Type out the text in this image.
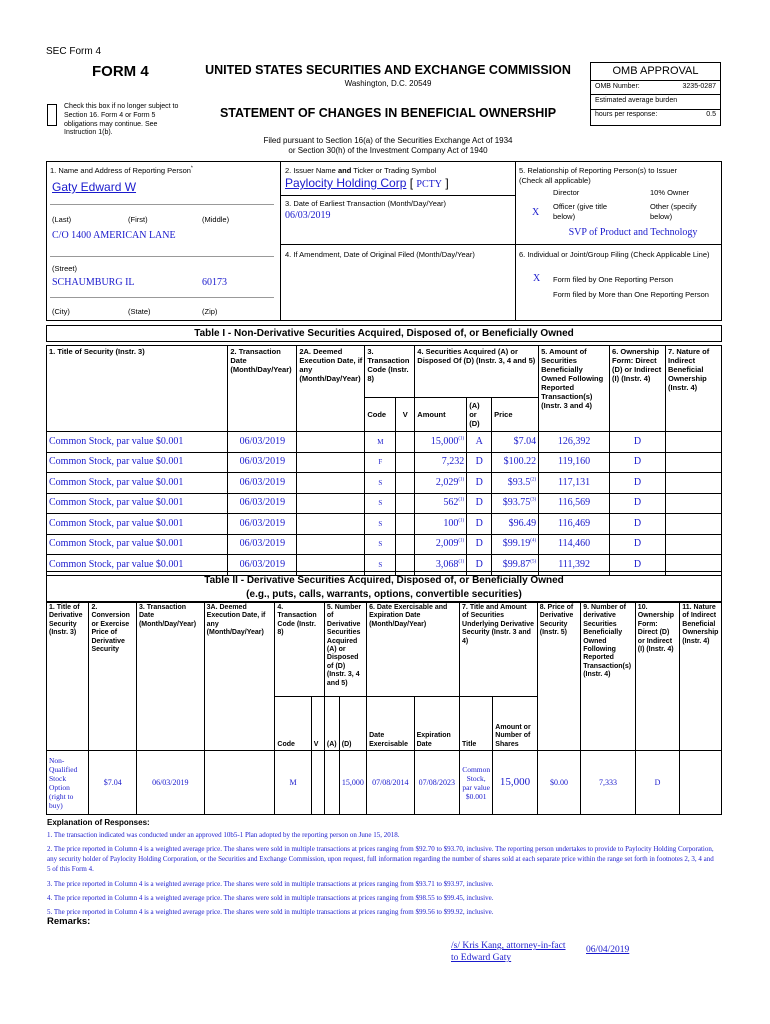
SEC Form 4
FORM 4	UNITED STATES SECURITIES AND EXCHANGE COMMISSION
Washington, D.C. 20549
STATEMENT OF CHANGES IN BENEFICIAL OWNERSHIP
Check this box if no longer subject to Section 16. Form 4 or Form 5 obligations may continue. See Instruction 1(b).
Filed pursuant to Section 16(a) of the Securities Exchange Act of 1934
or Section 30(h) of the Investment Company Act of 1940
OMB APPROVAL
OMB Number:	3235-0287
Estimated average burden
hours per response:	0.5
1. Name and Address of Reporting Person*
Gaty Edward W
(Last)	(First)	(Middle)
C/O 1400 AMERICAN LANE
(Street)
SCHAUMBURG IL	60173
(City)	(State)	(Zip)
2. Issuer Name and Ticker or Trading Symbol
Paylocity Holding Corp [ PCTY ]
3. Date of Earliest Transaction (Month/Day/Year)
06/03/2019
4. If Amendment, Date of Original Filed (Month/Day/Year)
5. Relationship of Reporting Person(s) to Issuer
(Check all applicable)
Director	10% Owner
X
Officer (give title below)
Other (specify below)
SVP of Product and Technology
6. Individual or Joint/Group Filing (Check Applicable Line)
X Form filed by One Reporting Person
Form filed by More than One Reporting Person
Table I - Non-Derivative Securities Acquired, Disposed of, or Beneficially Owned
1. Title of Security (Instr. 3)	2. Transaction Date (Month/Day/Year)	2A. Deemed Execution Date, if any (Month/Day/Year)	3. Transaction Code (Instr. 8)		4. Securities Acquired (A) or Disposed Of (D) (Instr. 3, 4 and 5)			5. Amount of Securities Beneficially Owned Following Reported Transaction(s) (Instr. 3 and 4)	6. Ownership Form: Direct (D) or Indirect (I) (Instr. 4)	7. Nature of Indirect Beneficial Ownership (Instr. 4)
			Code	V	Amount	(A) or (D)	Price			
Common Stock, par value $0.001	06/03/2019		M		15,000$^{(1)}$	A	$7.04	126,392	D	
Common Stock, par value $0.001	06/03/2019		F		7,232	D	$100.22	119,160	D	
Common Stock, par value $0.001	06/03/2019		S		2,029$^{(1)}$	D	$93.5$^{(2)}$	117,131	D	
Common Stock, par value $0.001	06/03/2019		S		562$^{(1)}$	D	$93.75$^{(3)}$	116,569	D	
Common Stock, par value $0.001	06/03/2019		S		100$^{(1)}$	D	$96.49	116,469	D	
Common Stock, par value $0.001	06/03/2019		S		2,009$^{(1)}$	D	$99.19$^{(4)}$	114,460	D	
Common Stock, par value $0.001	06/03/2019		S		3,068$^{(1)}$	D	$99.87$^{(5)}$	111,392	D	
Table II - Derivative Securities Acquired, Disposed of, or Beneficially Owned
(e.g., puts, calls, warrants, options, convertible securities)
1. Title of Derivative Security (Instr. 3)	2. Conversion or Exercise Price of Derivative Security	3. Transaction Date (Month/Day/Year)	3A. Deemed Execution Date, if any (Month/Day/Year)	4. Transaction Code (Instr. 8)		5. Number of Derivative Securities Acquired (A) or Disposed of (D) (Instr. 3, 4 and 5)		6. Date Exercisable and Expiration Date (Month/Day/Year)		7. Title and Amount of Securities Underlying Derivative Security (Instr. 3 and 4)		8. Price of Derivative Security (Instr. 5)	9. Number of derivative Securities Beneficially Owned Following Reported Transaction(s) (Instr. 4)	10. Ownership Form: Direct (D) or Indirect (I) (Instr. 4)	11. Nature of Indirect Beneficial Ownership (Instr. 4)
				Code	V	(A)	(D)	Date Exercisable	Expiration Date	Title	Amount or Number of Shares				
Non-Qualified Stock Option (right to buy)	$7.04	06/03/2019		M			15,000	07/08/2014	07/08/2023	Common Stock, par value $0.001	15,000	$0.00	7,333	D	
Explanation of Responses:
1. The transaction indicated was conducted under an approved 10b5-1 Plan adopted by the reporting person on June 15, 2018.
2. The price reported in Column 4 is a weighted average price. The shares were sold in multiple transactions at prices ranging from $92.70 to $93.70, inclusive. The reporting person undertakes to provide to Paylocity Holding Corporation, any security holder of Paylocity Holding Corporation, or the Securities and Exchange Commission, upon request, full information regarding the number of shares sold at each separate price within the range set forth in footnotes 2, 3, 4 and 5 of this Form 4.
3. The price reported in Column 4 is a weighted average price. The shares were sold in multiple transactions at prices ranging from $93.71 to $93.97, inclusive.
4. The price reported in Column 4 is a weighted average price. The shares were sold in multiple transactions at prices ranging from $98.55 to $99.45, inclusive.
5. The price reported in Column 4 is a weighted average price. The shares were sold in multiple transactions at prices ranging from $99.56 to $99.92, inclusive.
Remarks:
/s/ Kris Kang, attorney-in-fact
to Edward Gaty
06/04/2019
